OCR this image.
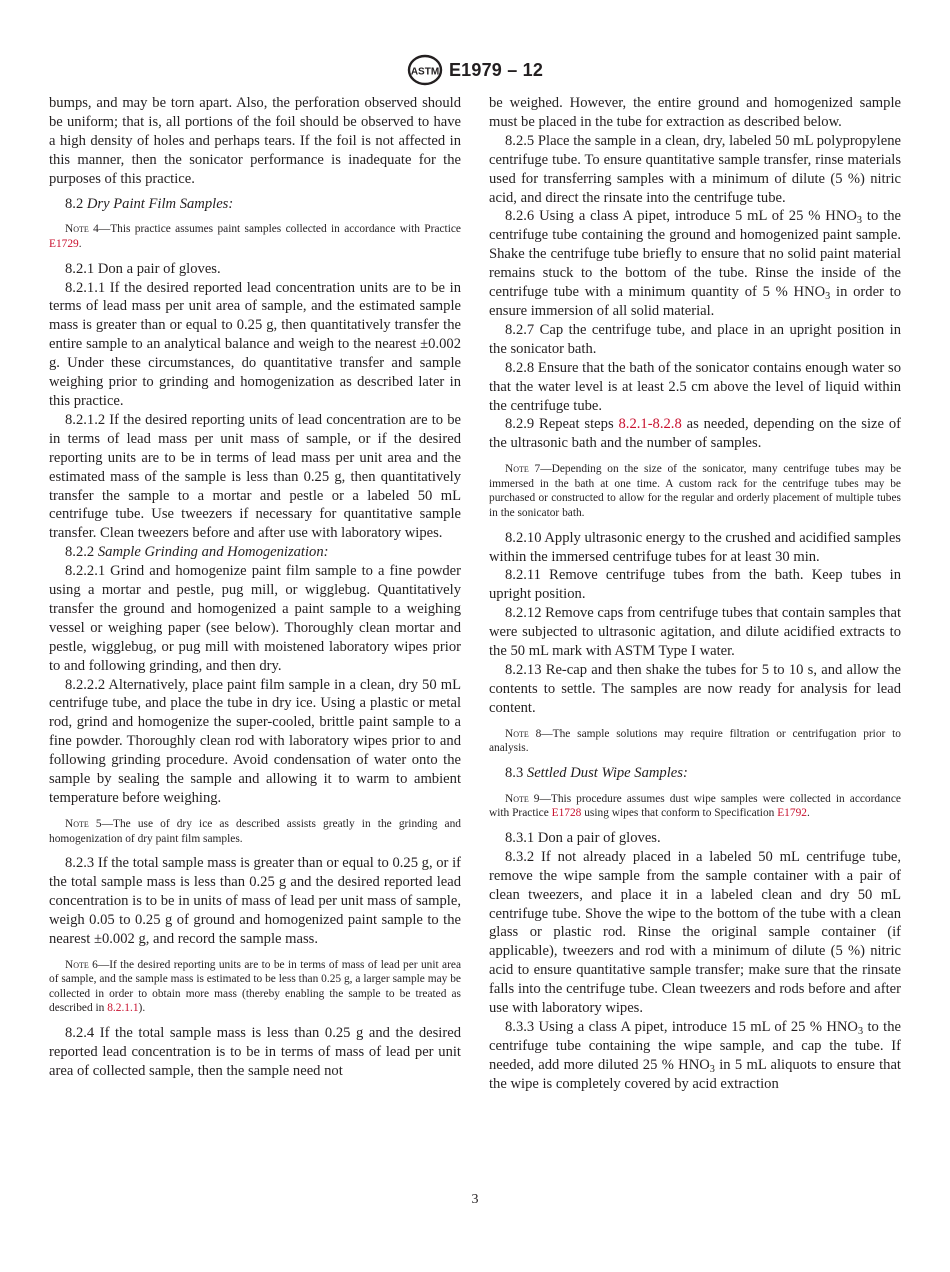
ASTM E1979 – 12

bumps, and may be torn apart. Also, the perforation observed should be uniform; that is, all portions of the foil should be observed to have a high density of holes and perhaps tears. If the foil is not affected in this manner, then the sonicator performance is inadequate for the purposes of this practice.

8.2 Dry Paint Film Samples:

Note 4—This practice assumes paint samples collected in accordance with Practice E1729.

8.2.1 Don a pair of gloves.

8.2.1.1 If the desired reported lead concentration units are to be in terms of lead mass per unit area of sample, and the estimated sample mass is greater than or equal to 0.25 g, then quantitatively transfer the entire sample to an analytical balance and weigh to the nearest ±0.002 g. Under these circumstances, do quantitative transfer and sample weighing prior to grinding and homogenization as described later in this practice.

8.2.1.2 If the desired reporting units of lead concentration are to be in terms of lead mass per unit mass of sample, or if the desired reporting units are to be in terms of lead mass per unit area and the estimated mass of the sample is less than 0.25 g, then quantitatively transfer the sample to a mortar and pestle or a labeled 50 mL centrifuge tube. Use tweezers if necessary for quantitative sample transfer. Clean tweezers before and after use with laboratory wipes.

8.2.2 Sample Grinding and Homogenization:

8.2.2.1 Grind and homogenize paint film sample to a fine powder using a mortar and pestle, pug mill, or wigglebug. Quantitatively transfer the ground and homogenized a paint sample to a weighing vessel or weighing paper (see below). Thoroughly clean mortar and pestle, wigglebug, or pug mill with moistened laboratory wipes prior to and following grinding, and then dry.

8.2.2.2 Alternatively, place paint film sample in a clean, dry 50 mL centrifuge tube, and place the tube in dry ice. Using a plastic or metal rod, grind and homogenize the super-cooled, brittle paint sample to a fine powder. Thoroughly clean rod with laboratory wipes prior to and following grinding procedure. Avoid condensation of water onto the sample by sealing the sample and allowing it to warm to ambient temperature before weighing.

Note 5—The use of dry ice as described assists greatly in the grinding and homogenization of dry paint film samples.

8.2.3 If the total sample mass is greater than or equal to 0.25 g, or if the total sample mass is less than 0.25 g and the desired reported lead concentration is to be in units of mass of lead per unit mass of sample, weigh 0.05 to 0.25 g of ground and homogenized paint sample to the nearest ±0.002 g, and record the sample mass.

Note 6—If the desired reporting units are to be in terms of mass of lead per unit area of sample, and the sample mass is estimated to be less than 0.25 g, a larger sample may be collected in order to obtain more mass (thereby enabling the sample to be treated as described in 8.2.1.1).

8.2.4 If the total sample mass is less than 0.25 g and the desired reported lead concentration is to be in terms of mass of lead per unit area of collected sample, then the sample need not

be weighed. However, the entire ground and homogenized sample must be placed in the tube for extraction as described below.

8.2.5 Place the sample in a clean, dry, labeled 50 mL polypropylene centrifuge tube. To ensure quantitative sample transfer, rinse materials used for transferring samples with a minimum of dilute (5 %) nitric acid, and direct the rinsate into the centrifuge tube.

8.2.6 Using a class A pipet, introduce 5 mL of 25 % $HNO_3$ to the centrifuge tube containing the ground and homogenized paint sample. Shake the centrifuge tube briefly to ensure that no solid paint material remains stuck to the bottom of the tube. Rinse the inside of the centrifuge tube with a minimum quantity of 5 % $HNO_3$ in order to ensure immersion of all solid material.

8.2.7 Cap the centrifuge tube, and place in an upright position in the sonicator bath.

8.2.8 Ensure that the bath of the sonicator contains enough water so that the water level is at least 2.5 cm above the level of liquid within the centrifuge tube.

8.2.9 Repeat steps 8.2.1-8.2.8 as needed, depending on the size of the ultrasonic bath and the number of samples.

Note 7—Depending on the size of the sonicator, many centrifuge tubes may be immersed in the bath at one time. A custom rack for the centrifuge tubes may be purchased or constructed to allow for the regular and orderly placement of multiple tubes in the sonicator bath.

8.2.10 Apply ultrasonic energy to the crushed and acidified samples within the immersed centrifuge tubes for at least 30 min.

8.2.11 Remove centrifuge tubes from the bath. Keep tubes in upright position.

8.2.12 Remove caps from centrifuge tubes that contain samples that were subjected to ultrasonic agitation, and dilute acidified extracts to the 50 mL mark with ASTM Type I water.

8.2.13 Re-cap and then shake the tubes for 5 to 10 s, and allow the contents to settle. The samples are now ready for analysis for lead content.

Note 8—The sample solutions may require filtration or centrifugation prior to analysis.

8.3 Settled Dust Wipe Samples:

Note 9—This procedure assumes dust wipe samples were collected in accordance with Practice E1728 using wipes that conform to Specification E1792.

8.3.1 Don a pair of gloves.

8.3.2 If not already placed in a labeled 50 mL centrifuge tube, remove the wipe sample from the sample container with a pair of clean tweezers, and place it in a labeled clean and dry 50 mL centrifuge tube. Shove the wipe to the bottom of the tube with a clean glass or plastic rod. Rinse the original sample container (if applicable), tweezers and rod with a minimum of dilute (5 %) nitric acid to ensure quantitative sample transfer; make sure that the rinsate falls into the centrifuge tube. Clean tweezers and rods before and after use with laboratory wipes.

8.3.3 Using a class A pipet, introduce 15 mL of 25 % $HNO_3$ to the centrifuge tube containing the wipe sample, and cap the tube. If needed, add more diluted 25 % $HNO_3$ in 5 mL aliquots to ensure that the wipe is completely covered by acid extraction

3
